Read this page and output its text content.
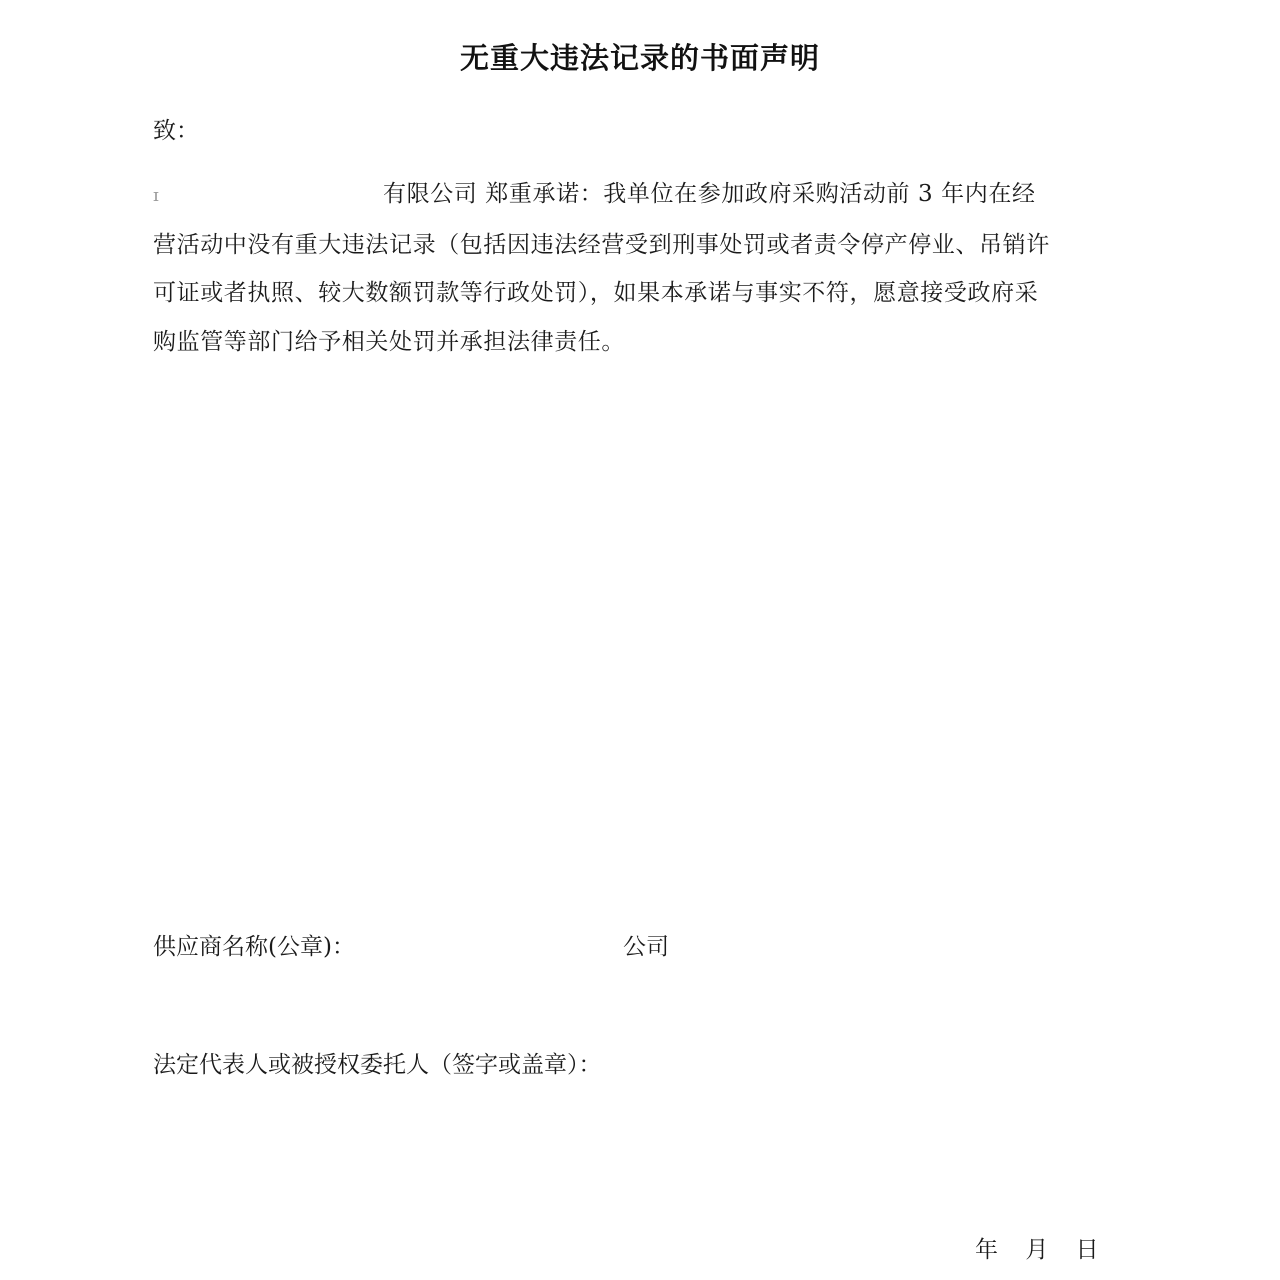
无重大违法记录的书面声明
致：
ɪ	有限公司 郑重承诺：我单位在参加政府采购活动前 3 年内在经
营活动中没有重大违法记录（包括因违法经营受到刑事处罚或者责令停产停业、吊销许
可证或者执照、较大数额罚款等行政处罚），如果本承诺与事实不符，愿意接受政府采
购监管等部门给予相关处罚并承担法律责任。
供应商名称(公章)：	公司
法定代表人或被授权委托人（签字或盖章）：
年 月 日
